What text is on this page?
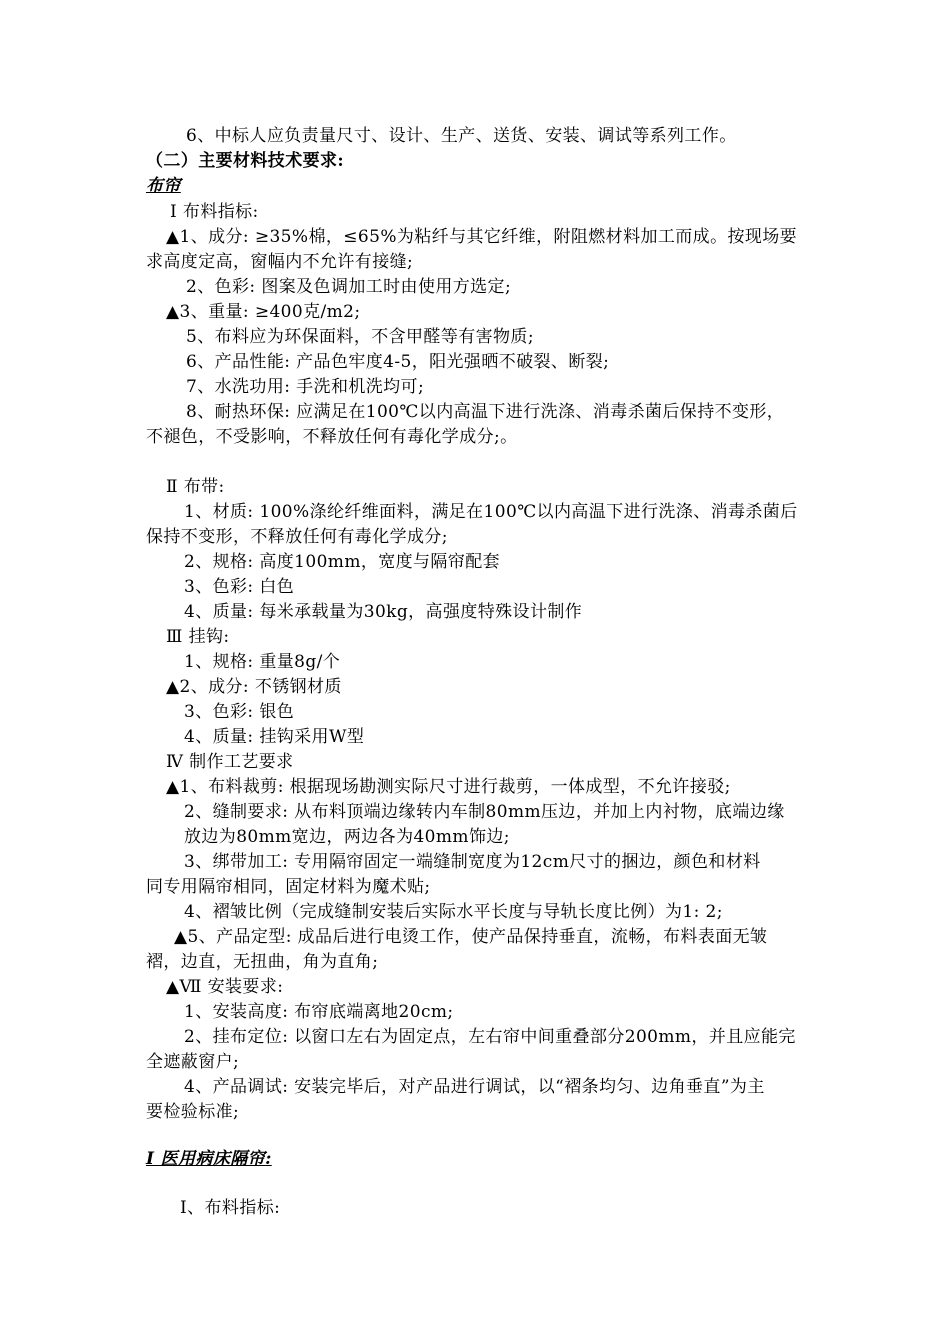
6、中标人应负责量尺寸、设计、生产、送货、安装、调试等系列工作。
（二）主要材料技术要求:
布帘
Ⅰ 布料指标:
▲1、成分: ≥35%棉，≤65%为粘纤与其它纤维，附阻燃材料加工而成。按现场要
求高度定高，窗幅内不允许有接缝;
2、色彩: 图案及色调加工时由使用方选定;
▲3、重量: ≥400克/m2;
5、布料应为环保面料，不含甲醛等有害物质;
6、产品性能: 产品色牢度4-5，阳光强晒不破裂、断裂;
7、水洗功用: 手洗和机洗均可;
8、耐热环保: 应满足在100℃以内高温下进行洗涤、消毒杀菌后保持不变形，
不褪色，不受影响，不释放任何有毒化学成分;。
Ⅱ 布带:
1、材质: 100%涤纶纤维面料，满足在100℃以内高温下进行洗涤、消毒杀菌后
保持不变形，不释放任何有毒化学成分;
2、规格: 高度100mm，宽度与隔帘配套
3、色彩: 白色
4、质量: 每米承载量为30kg，高强度特殊设计制作
Ⅲ 挂钩:
1、规格: 重量8g/个
▲2、成分: 不锈钢材质
3、色彩: 银色
4、质量: 挂钩采用W型
Ⅳ 制作工艺要求
▲1、布料裁剪: 根据现场勘测实际尺寸进行裁剪，一体成型，不允许接驳;
2、缝制要求: 从布料顶端边缘转内车制80mm压边，并加上内衬物，底端边缘
放边为80mm宽边，两边各为40mm饰边;
3、绑带加工: 专用隔帘固定一端缝制宽度为12cm尺寸的捆边，颜色和材料
同专用隔帘相同，固定材料为魔术贴;
4、褶皱比例（完成缝制安装后实际水平长度与导轨长度比例）为1: 2;
▲5、产品定型: 成品后进行电烫工作，使产品保持垂直，流畅，布料表面无皱
褶，边直，无扭曲，角为直角;
▲Ⅶ 安装要求:
1、安装高度: 布帘底端离地20cm;
2、挂布定位: 以窗口左右为固定点，左右帘中间重叠部分200mm，并且应能完
全遮蔽窗户;
4、产品调试: 安装完毕后，对产品进行调试，以“褶条均匀、边角垂直”为主
要检验标准;
Ⅰ 医用病床隔帘:
Ⅰ、布料指标:
